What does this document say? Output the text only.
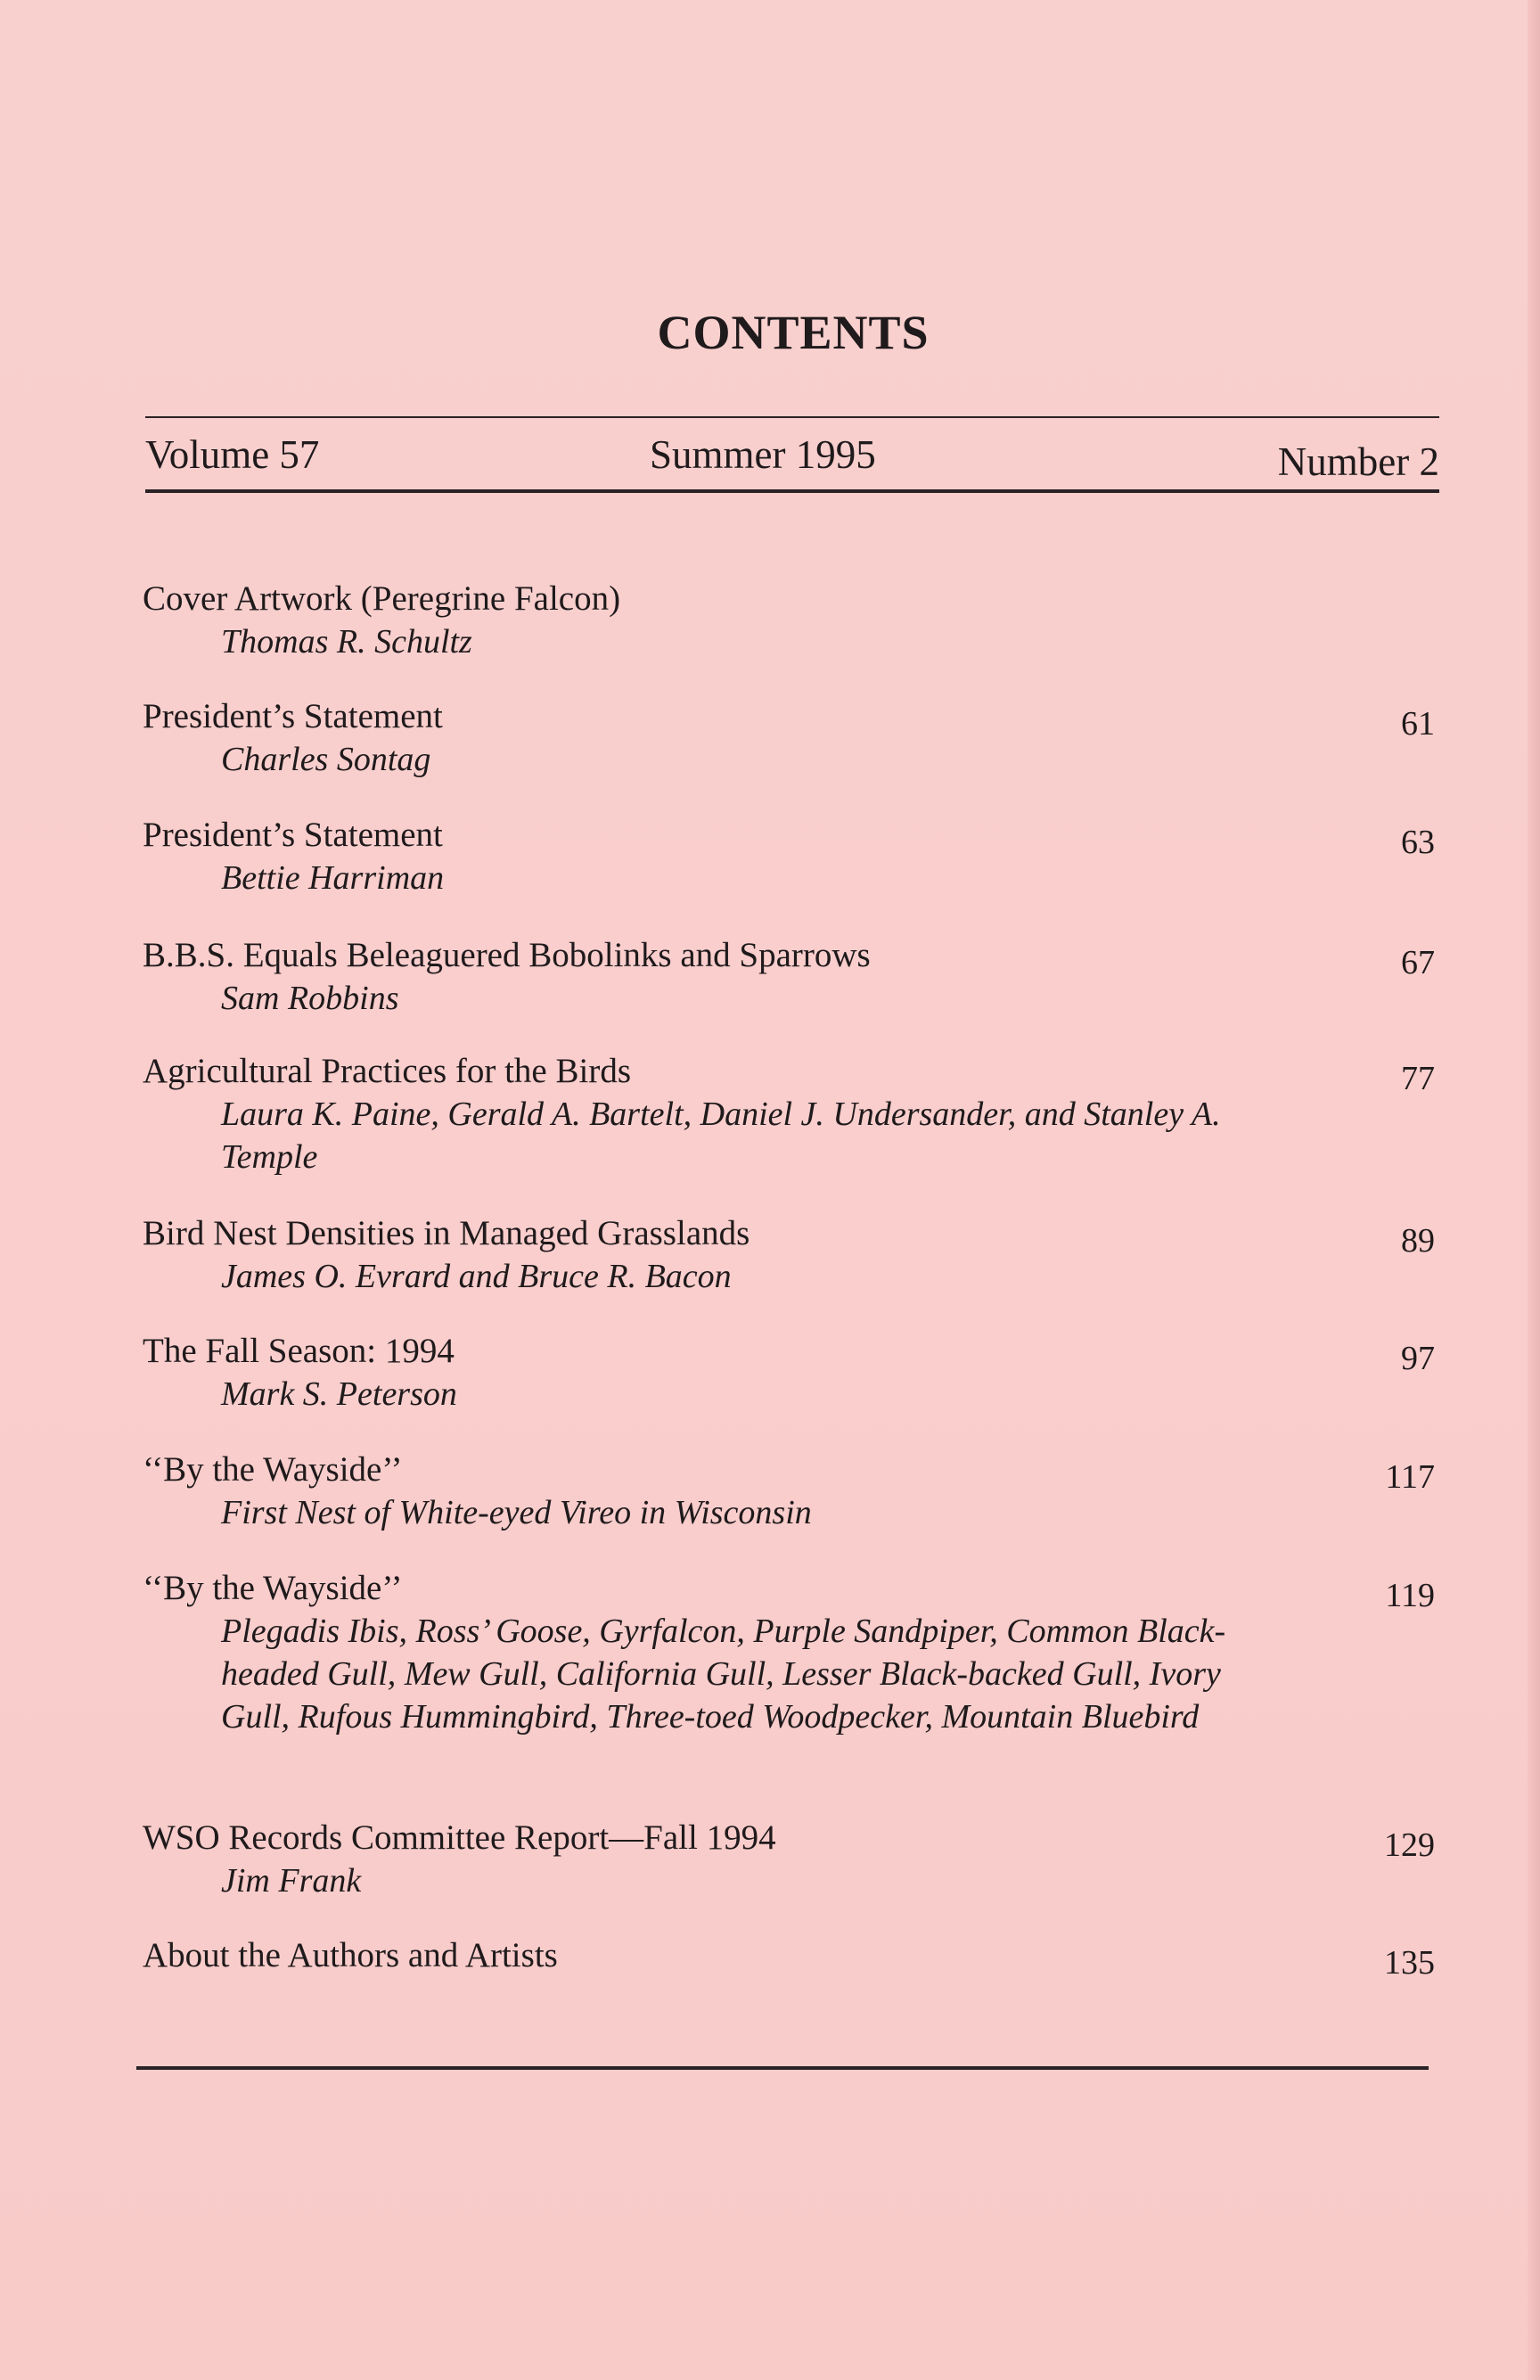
CONTENTS
Volume 57	Summer 1995	Number 2
Cover Artwork (Peregrine Falcon)
Thomas R. Schultz
President’s Statement
Charles Sontag
61
President’s Statement
Bettie Harriman
63
B.B.S. Equals Beleaguered Bobolinks and Sparrows
Sam Robbins
67
Agricultural Practices for the Birds
Laura K. Paine, Gerald A. Bartelt, Daniel J. Undersander, and Stanley A. Temple
77
Bird Nest Densities in Managed Grasslands
James O. Evrard and Bruce R. Bacon
89
The Fall Season: 1994
Mark S. Peterson
97
‘‘By the Wayside’’
First Nest of White-eyed Vireo in Wisconsin
117
‘‘By the Wayside’’
Plegadis Ibis, Ross’ Goose, Gyrfalcon, Purple Sandpiper, Common Black-headed Gull, Mew Gull, California Gull, Lesser Black-backed Gull, Ivory Gull, Rufous Hummingbird, Three-toed Woodpecker, Mountain Bluebird
119
WSO Records Committee Report—Fall 1994
Jim Frank
129
About the Authors and Artists	135
